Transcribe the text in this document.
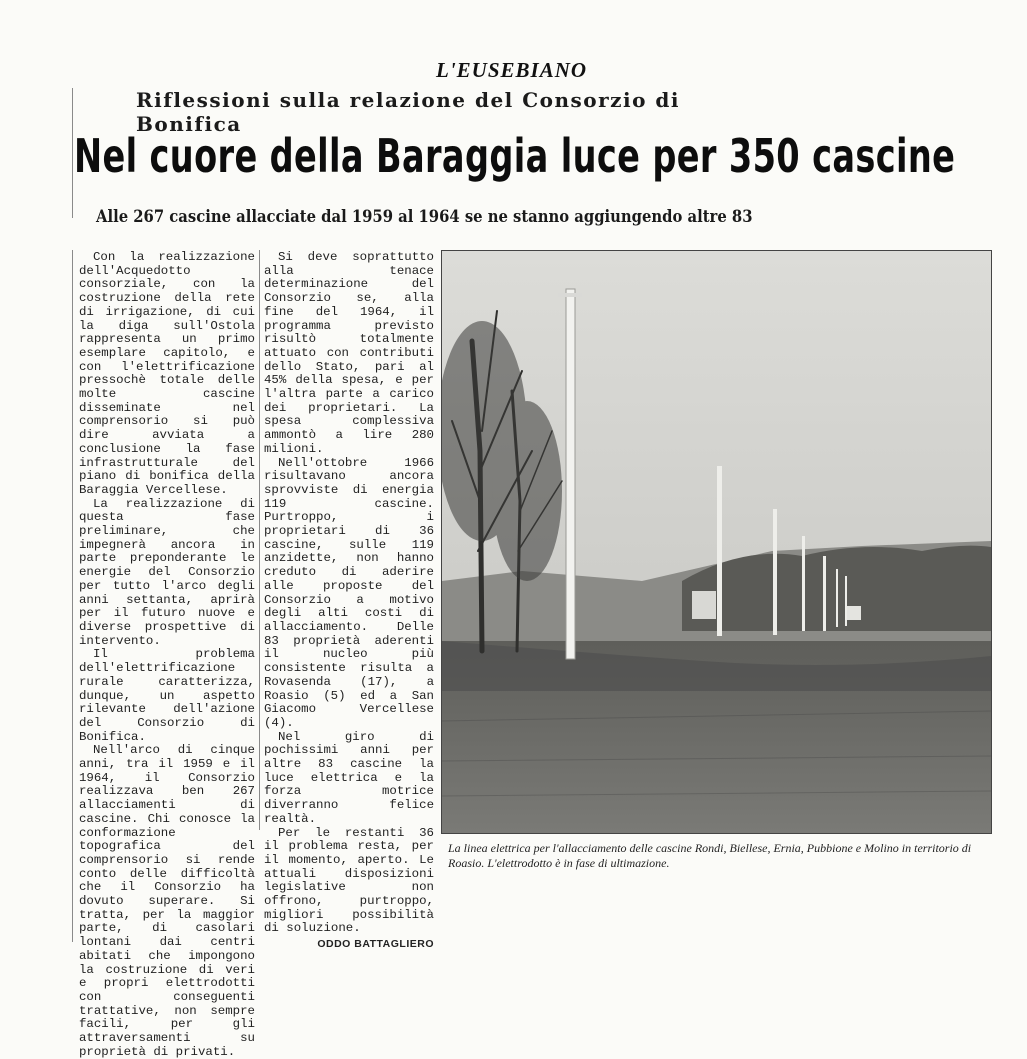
L'EUSEBIANO
Riflessioni sulla relazione del Consorzio di Bonifica
Nel cuore della Baraggia luce per 350 cascine
Alle 267 cascine allacciate dal 1959 al 1964 se ne stanno aggiungendo altre 83

Con la realizzazione dell'Acquedotto consorziale, con la costruzione della rete di irrigazione, di cui la diga sull'Ostola rappresenta un primo esemplare capitolo, e con l'elettrificazione pressochè totale delle molte cascine disseminate nel comprensorio si può dire avviata a conclusione la fase infrastrutturale del piano di bonifica della Baraggia Vercellese.

La realizzazione di questa fase preliminare, che impegnerà ancora in parte preponderante le energie del Consorzio per tutto l'arco degli anni settanta, aprirà per il futuro nuove e diverse prospettive di intervento.

Il problema dell'elettrificazione rurale caratterizza, dunque, un aspetto rilevante dell'azione del Consorzio di Bonifica.

Nell'arco di cinque anni, tra il 1959 e il 1964, il Consorzio realizzava ben 267 allacciamenti di cascine. Chi conosce la conformazione topografica del comprensorio si rende conto delle difficoltà che il Consorzio ha dovuto superare. Si tratta, per la maggior parte, di casolari lontani dai centri abitati che impongono la costruzione di veri e propri elettrodotti con conseguenti trattative, non sempre facili, per gli attraversamenti su proprietà di privati.

Si deve soprattutto alla tenace determinazione del Consorzio se, alla fine del 1964, il programma previsto risultò totalmente attuato con contributi dello Stato, pari al 45% della spesa, e per l'altra parte a carico dei proprietari. La spesa complessiva ammontò a lire 280 milioni.

Nell'ottobre 1966 risultavano ancora sprovviste di energia 119 cascine. Purtroppo, i proprietari di 36 cascine, sulle 119 anzidette, non hanno creduto di aderire alle proposte del Consorzio a motivo degli alti costi di allacciamento. Delle 83 proprietà aderenti il nucleo più consistente risulta a Rovasenda (17), a Roasio (5) ed a San Giacomo Vercellese (4).

Nel giro di pochissimi anni per altre 83 cascine la luce elettrica e la forza motrice diverranno felice realtà.

Per le restanti 36 il problema resta, per il momento, aperto. Le attuali disposizioni legislative non offrono, purtroppo, migliori possibilità di soluzione.

ODDO BATTAGLIERO
La linea elettrica per l'allacciamento delle cascine Rondi, Biellese, Ernia, Pubbione e Molino in territorio di Roasio. L'elettrodotto è in fase di ultimazione.
